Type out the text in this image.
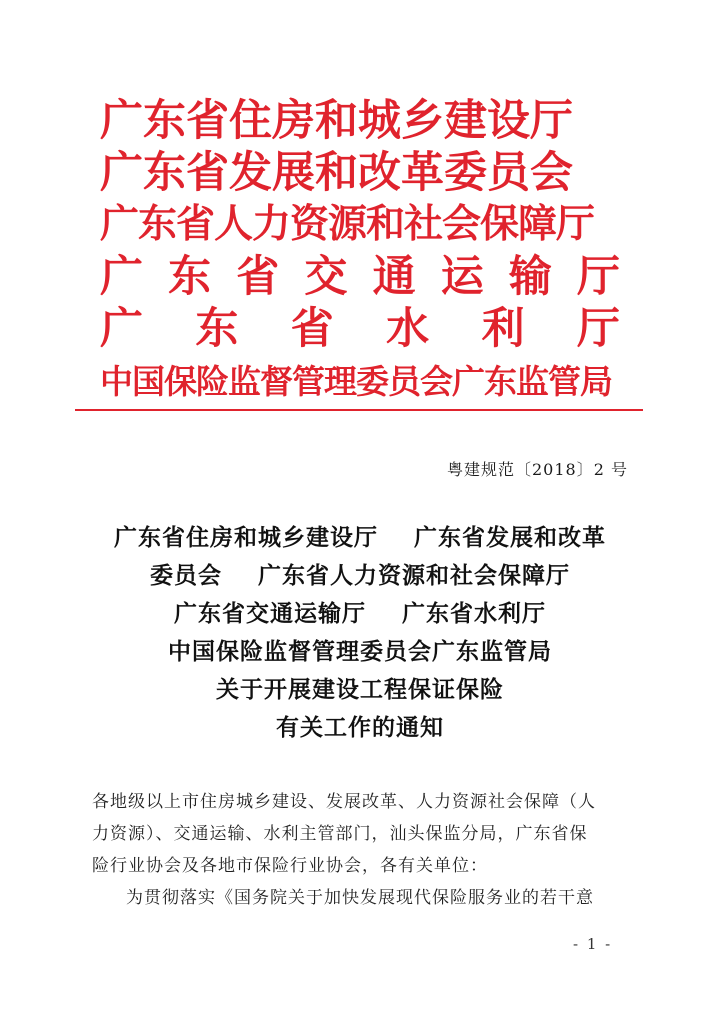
广东省住房和城乡建设厅
广东省发展和改革委员会
广东省人力资源和社会保障厅
广 东 省 交 通 运 输 厅
广 东 省 水 利 厅
中国保险监督管理委员会广东监管局
粤建规范〔2018〕2 号
广东省住房和城乡建设厅    广东省发展和改革
委员会    广东省人力资源和社会保障厅
广东省交通运输厅    广东省水利厅
中国保险监督管理委员会广东监管局
关于开展建设工程保证保险
有关工作的通知
各地级以上市住房城乡建设、发展改革、人力资源社会保障（人
力资源）、交通运输、水利主管部门，汕头保监分局，广东省保
险行业协会及各地市保险行业协会，各有关单位：
为贯彻落实《国务院关于加快发展现代保险服务业的若干意
- 1 -
